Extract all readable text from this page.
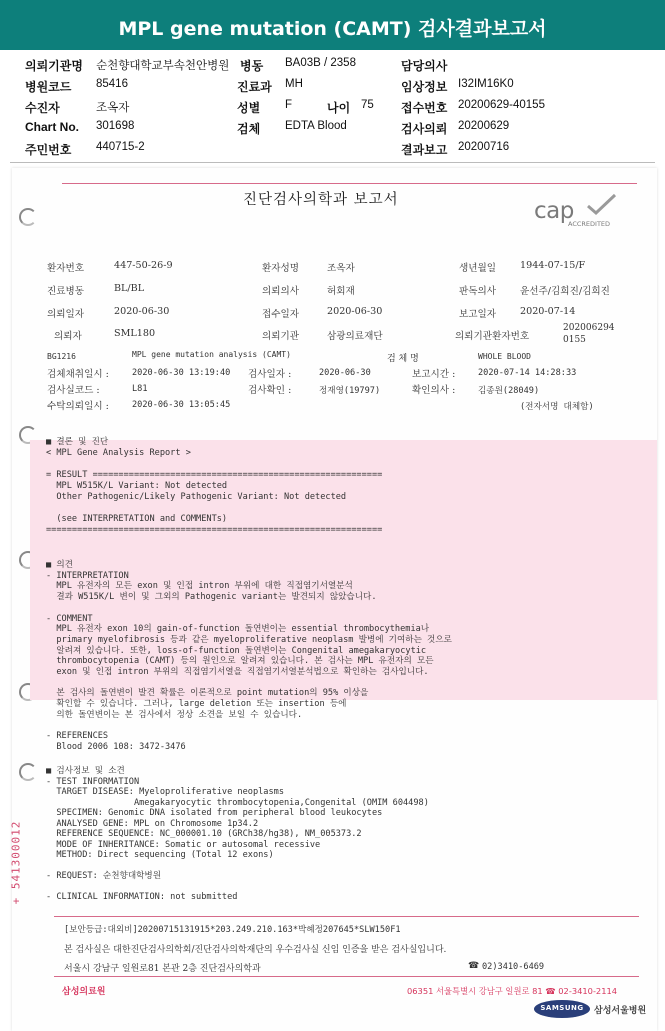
MPL gene mutation (CAMT) 검사결과보고서
의뢰기관명 순천향대학교부속천안병원 병동 BA03B / 2358	담당의사
병원코드 85416	진료과 MH	임상정보 I32IM16K0
수진자	조옥자	성별 F	나이 75 접수번호 20200629-40155
Chart No. 301698	검체 EDTA Blood	검사의뢰 20200629
주민번호 440715-2	결과보고 20200716
진단검사의학과 보고서	cap
ACCREDITED
환자번호	447-50-26-9	환자성명	조옥자	생년월일 1944-07-15/F
진료병동	BL/BL	의뢰의사	허회재	판독의사 윤선주/김희진/김희진
의뢰일자	2020-06-30	접수일자	2020-06-30	보고일자 2020-07-14
의뢰자	SML180	의뢰기관	삼광의료재단	의뢰기관환자번호
2020062940155
BG1216	MPL gene mutation analysis (CAMT)	검 체 명	WHOLE BLOOD
검체채취일시 :	2020-06-30 13:19:40 검사일자 :	2020-06-30	보고시간 :	2020-07-14 14:28:33
검사실코드 :	L81	검사확인 :	정재영(19797)	확인의사 :	김종원(28049)
수탁의뢰일시 :	2020-06-30 13:05:45	(전자서명 대체함)
■ 결론 및 진단
< MPL Gene Analysis Report >

= RESULT ========================================================
MPL W515K/L Variant: Not detected
Other Pathogenic/Likely Pathogenic Variant: Not detected

(see INTERPRETATION and COMMENTs)
=================================================================
■ 의견
- INTERPRETATION
MPL 유전자의 모든 exon 및 인접 intron 부위에 대한 직접염기서열분석
결과 W515K/L 변이 및 그외의 Pathogenic variant는 발견되지 않았습니다.

- COMMENT
MPL 유전자 exon 10의 gain-of-function 돌연변이는 essential thrombocythemia나
primary myelofibrosis 등과 같은 myeloproliferative neoplasm 발병에 기여하는 것으로
알려져 있습니다. 또한, loss-of-function 돌연변이는 Congenital amegakaryocytic
thrombocytopenia (CAMT) 등의 원인으로 알려져 있습니다. 본 검사는 MPL 유전자의 모든
exon 및 인접 intron 부위의 직접염기서열을 직접염기서열분석법으로 확인하는 검사입니다.

본 검사의 돌연변이 발견 확률은 이론적으로 point mutation의 95% 이상을
확인할 수 있습니다. 그러나, large deletion 또는 insertion 등에
의한 돌연변이는 본 검사에서 정상 소견을 보일 수 있습니다.

- REFERENCES
Blood 2006 108: 3472-3476
■ 검사정보 및 소견
- TEST INFORMATION
TARGET DISEASE: Myeloproliferative neoplasms
Amegakaryocytic thrombocytopenia,Congenital (OMIM 604498)
SPECIMEN: Genomic DNA isolated from peripheral blood leukocytes
ANALYSED GENE: MPL on Chromosome 1p34.2
REFERENCE SEQUENCE: NC_000001.10 (GRCh38/hg38), NM_005373.2
MODE OF INHERITANCE: Somatic or autosomal recessive
METHOD: Direct sequencing (Total 12 exons)

- REQUEST: 순천향대학병원

- CLINICAL INFORMATION: not submitted
+ 541300012
[보안등급:대외비]20200715131915*203.249.210.163*박혜정207645*SLW150F1
본 검사실은 대한진단검사의학회/진단검사의학재단의 우수검사실 신임 인증을 받은 검사실입니다.
서울시 강남구 일원로81 본관 2층 진단검사의학과	☎ 02)3410-6469
삼성의료원	06351 서울특별시 강남구 일원로 81 ☎ 02-3410-2114
SAMSUNG	삼성서울병원
